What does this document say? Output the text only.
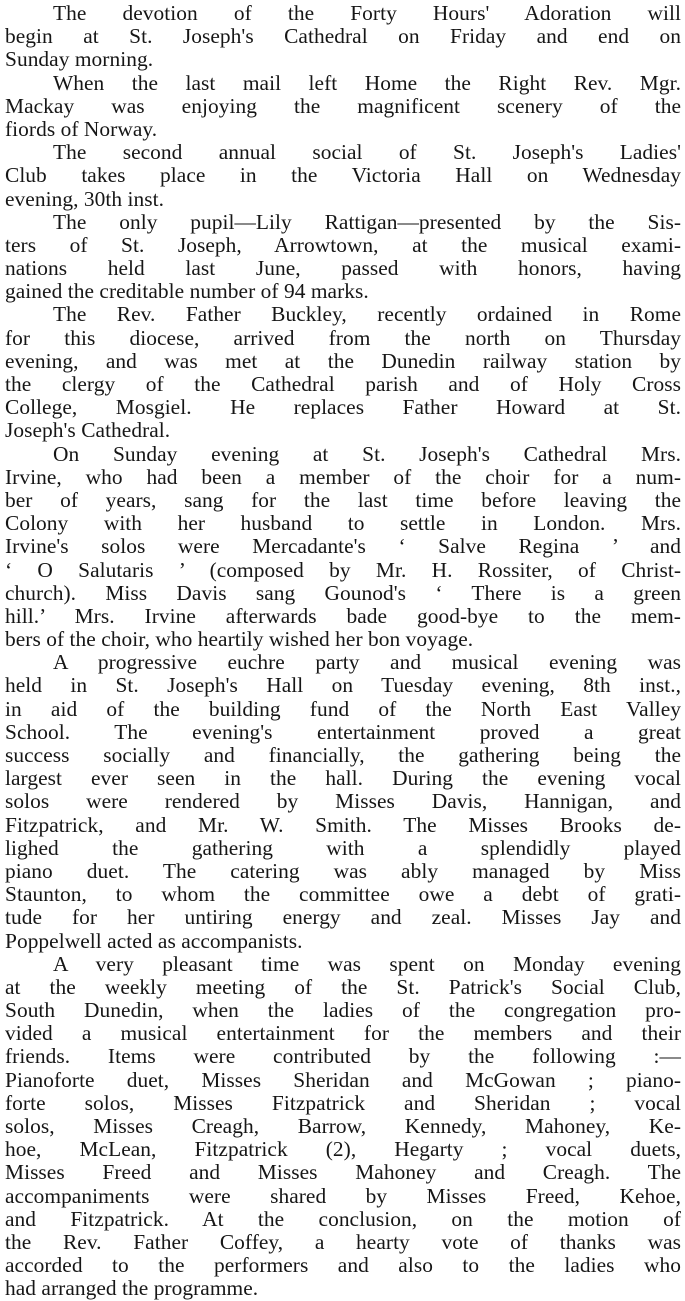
The devotion of the Forty Hours' Adoration will
begin at St. Joseph's Cathedral on Friday and end on
Sunday morning.
When the last mail left Home the Right Rev. Mgr.
Mackay was enjoying the magnificent scenery of the
fiords of Norway.
The second annual social of St. Joseph's Ladies'
Club takes place in the Victoria Hall on Wednesday
evening, 30th inst.
The only pupil—Lily Rattigan—presented by the Sis-
ters of St. Joseph, Arrowtown, at the musical exami-
nations held last June, passed with honors, having
gained the creditable number of 94 marks.
The Rev. Father Buckley, recently ordained in Rome
for this diocese, arrived from the north on Thursday
evening, and was met at the Dunedin railway station by
the clergy of the Cathedral parish and of Holy Cross
College, Mosgiel. He replaces Father Howard at St.
Joseph's Cathedral.
On Sunday evening at St. Joseph's Cathedral Mrs.
Irvine, who had been a member of the choir for a num-
ber of years, sang for the last time before leaving the
Colony with her husband to settle in London. Mrs.
Irvine's solos were Mercadante's ‘ Salve Regina ’ and
‘ O Salutaris ’ (composed by Mr. H. Rossiter, of Christ-
church). Miss Davis sang Gounod's ‘ There is a green
hill.’ Mrs. Irvine afterwards bade good-bye to the mem-
bers of the choir, who heartily wished her bon voyage.
A progressive euchre party and musical evening was
held in St. Joseph's Hall on Tuesday evening, 8th inst.,
in aid of the building fund of the North East Valley
School. The evening's entertainment proved a great
success socially and financially, the gathering being the
largest ever seen in the hall. During the evening vocal
solos were rendered by Misses Davis, Hannigan, and
Fitzpatrick, and Mr. W. Smith. The Misses Brooks de-
lighed the gathering with a splendidly played
piano duet. The catering was ably managed by Miss
Staunton, to whom the committee owe a debt of grati-
tude for her untiring energy and zeal. Misses Jay and
Poppelwell acted as accompanists.
A very pleasant time was spent on Monday evening
at the weekly meeting of the St. Patrick's Social Club,
South Dunedin, when the ladies of the congregation pro-
vided a musical entertainment for the members and their
friends. Items were contributed by the following :—
Pianoforte duet, Misses Sheridan and McGowan ; piano-
forte solos, Misses Fitzpatrick and Sheridan ; vocal
solos, Misses Creagh, Barrow, Kennedy, Mahoney, Ke-
hoe, McLean, Fitzpatrick (2), Hegarty ; vocal duets,
Misses Freed and Misses Mahoney and Creagh. The
accompaniments were shared by Misses Freed, Kehoe,
and Fitzpatrick. At the conclusion, on the motion of
the Rev. Father Coffey, a hearty vote of thanks was
accorded to the performers and also to the ladies who
had arranged the programme.
